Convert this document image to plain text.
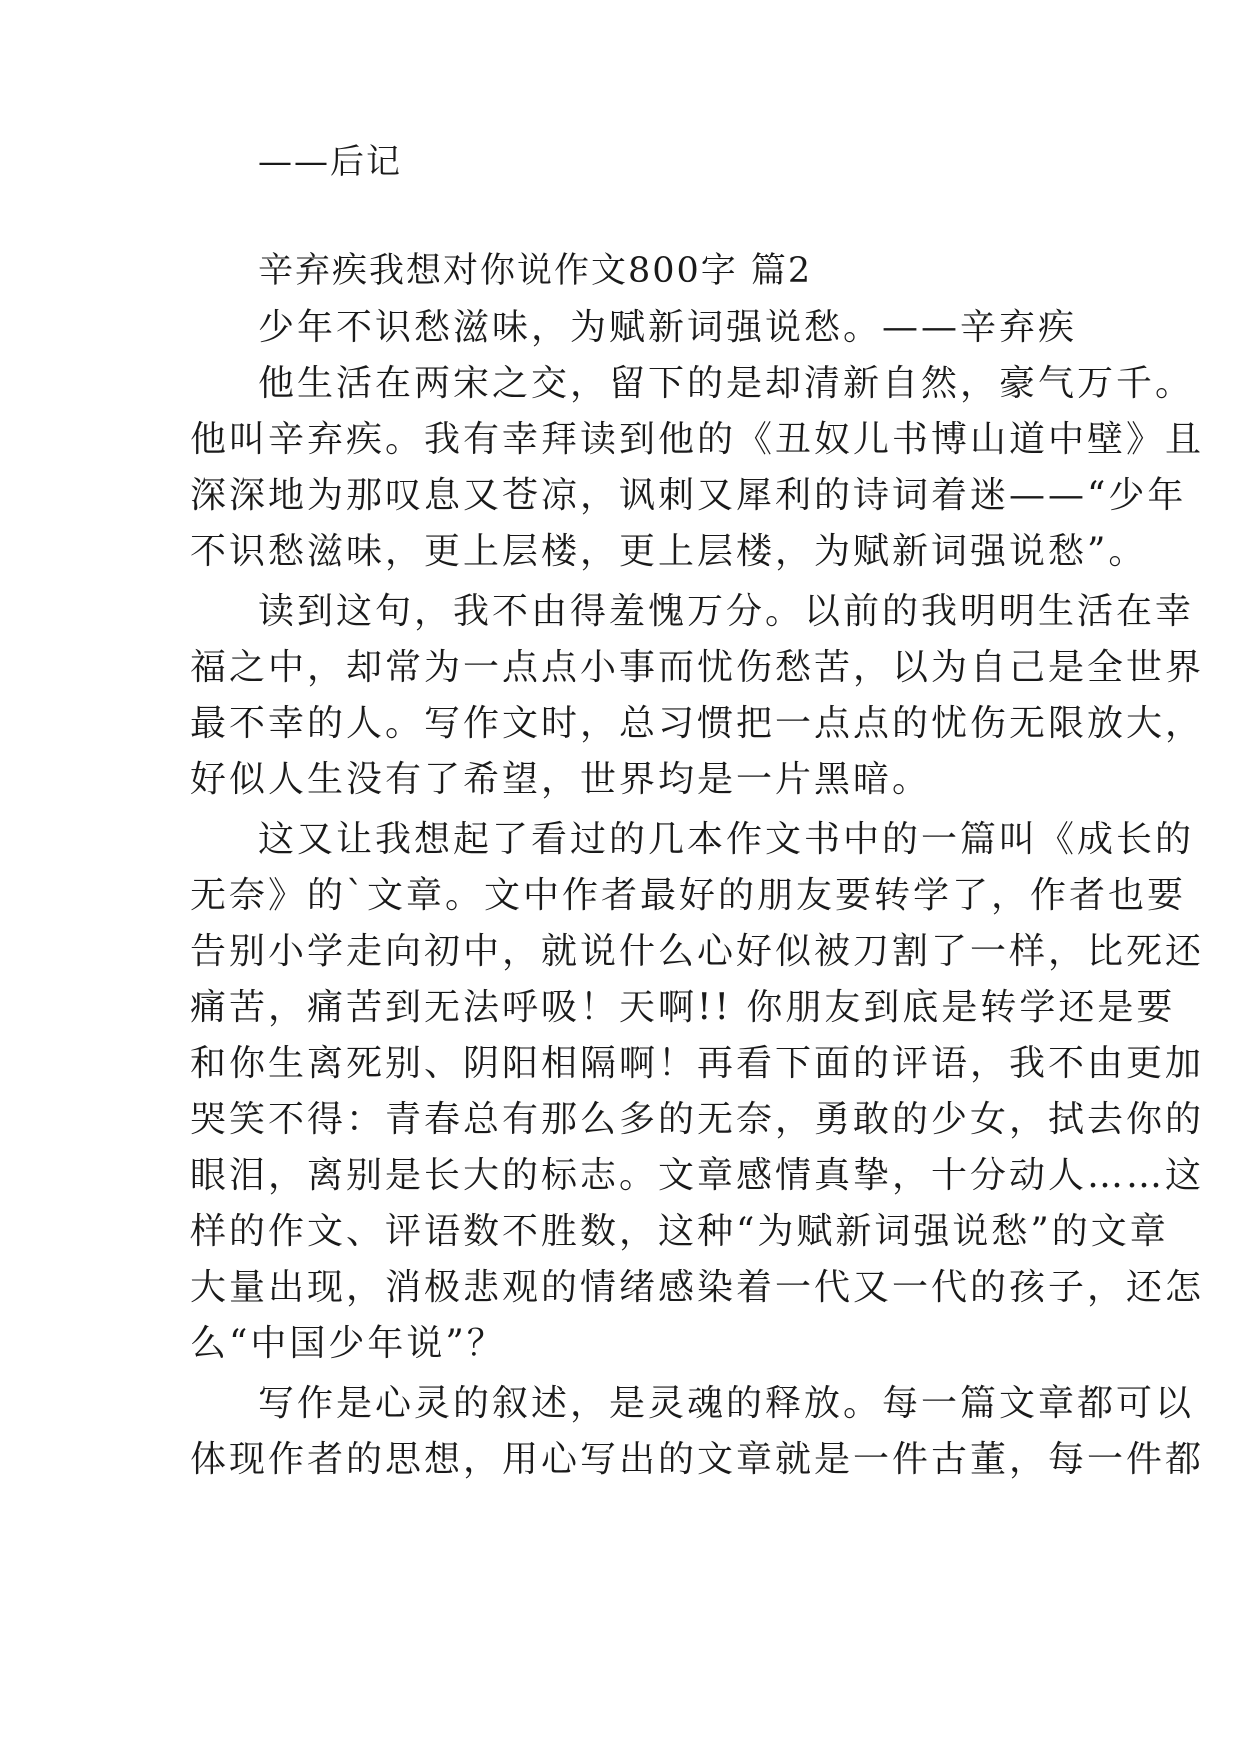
——后记
辛弃疾我想对你说作文800字 篇2
少年不识愁滋味，为赋新词强说愁。——辛弃疾
他生活在两宋之交，留下的是却清新自然，豪气万千。
他叫辛弃疾。我有幸拜读到他的《丑奴儿书博山道中壁》且
深深地为那叹息又苍凉，讽刺又犀利的诗词着迷——“少年
不识愁滋味，更上层楼，更上层楼，为赋新词强说愁”。
读到这句，我不由得羞愧万分。以前的我明明生活在幸
福之中，却常为一点点小事而忧伤愁苦，以为自己是全世界
最不幸的人。写作文时，总习惯把一点点的忧伤无限放大，
好似人生没有了希望，世界均是一片黑暗。
这又让我想起了看过的几本作文书中的一篇叫《成长的
无奈》的`文章。文中作者最好的朋友要转学了，作者也要
告别小学走向初中，就说什么心好似被刀割了一样，比死还
痛苦，痛苦到无法呼吸！天啊!! 你朋友到底是转学还是要
和你生离死别、阴阳相隔啊！再看下面的评语，我不由更加
哭笑不得：青春总有那么多的无奈，勇敢的少女，拭去你的
眼泪，离别是长大的标志。文章感情真挚，十分动人……这
样的作文、评语数不胜数，这种“为赋新词强说愁”的文章
大量出现，消极悲观的情绪感染着一代又一代的孩子，还怎
么“中国少年说”？
写作是心灵的叙述，是灵魂的释放。每一篇文章都可以
体现作者的思想，用心写出的文章就是一件古董，每一件都
